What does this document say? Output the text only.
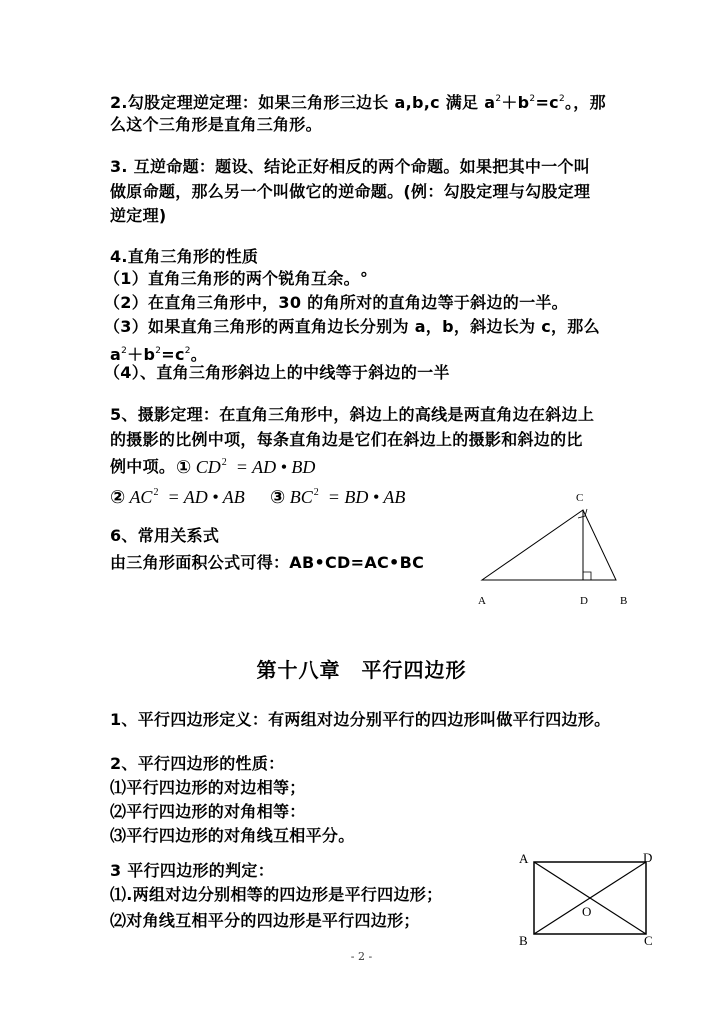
2.勾股定理逆定理：如果三角形三边长 a,b,c 满足 $a^2+b^2=c^2$。，那
么这个三角形是直角三角形。
3. 互逆命题：题设、结论正好相反的两个命题。如果把其中一个叫
做原命题，那么另一个叫做它的逆命题。(例：勾股定理与勾股定理
逆定理)
4.直角三角形的性质
（1）直角三角形的两个锐角互余。°
（2）在直角三角形中，30 的角所对的直角边等于斜边的一半。
（3）如果直角三角形的两直角边长分别为 a，b，斜边长为 c，那么
$a^2+b^2=c^2$。
（4）、直角三角形斜边上的中线等于斜边的一半
5、摄影定理：在直角三角形中，斜边上的高线是两直角边在斜边上
的摄影的比例中项，每条直角边是它们在斜边上的摄影和斜边的比
例中项。 ① $CD^2$ = AD • BD
② $AC^2$ = AD • AB ③ $BC^2$ = BD • AB
6、常用关系式
由三角形面积公式可得：AB•CD=AC•BC
A	B
C
D
第十八章　平行四边形
1、平行四边形定义：有两组对边分别平行的四边形叫做平行四边形。
2、平行四边形的性质：
⑴平行四边形的对边相等；
⑵平行四边形的对角相等：
⑶平行四边形的对角线互相平分。
3 平行四边形的判定：
⑴.两组对边分别相等的四边形是平行四边形；
⑵对角线互相平分的四边形是平行四边形；
A
B	C
D
O
- 2 -
